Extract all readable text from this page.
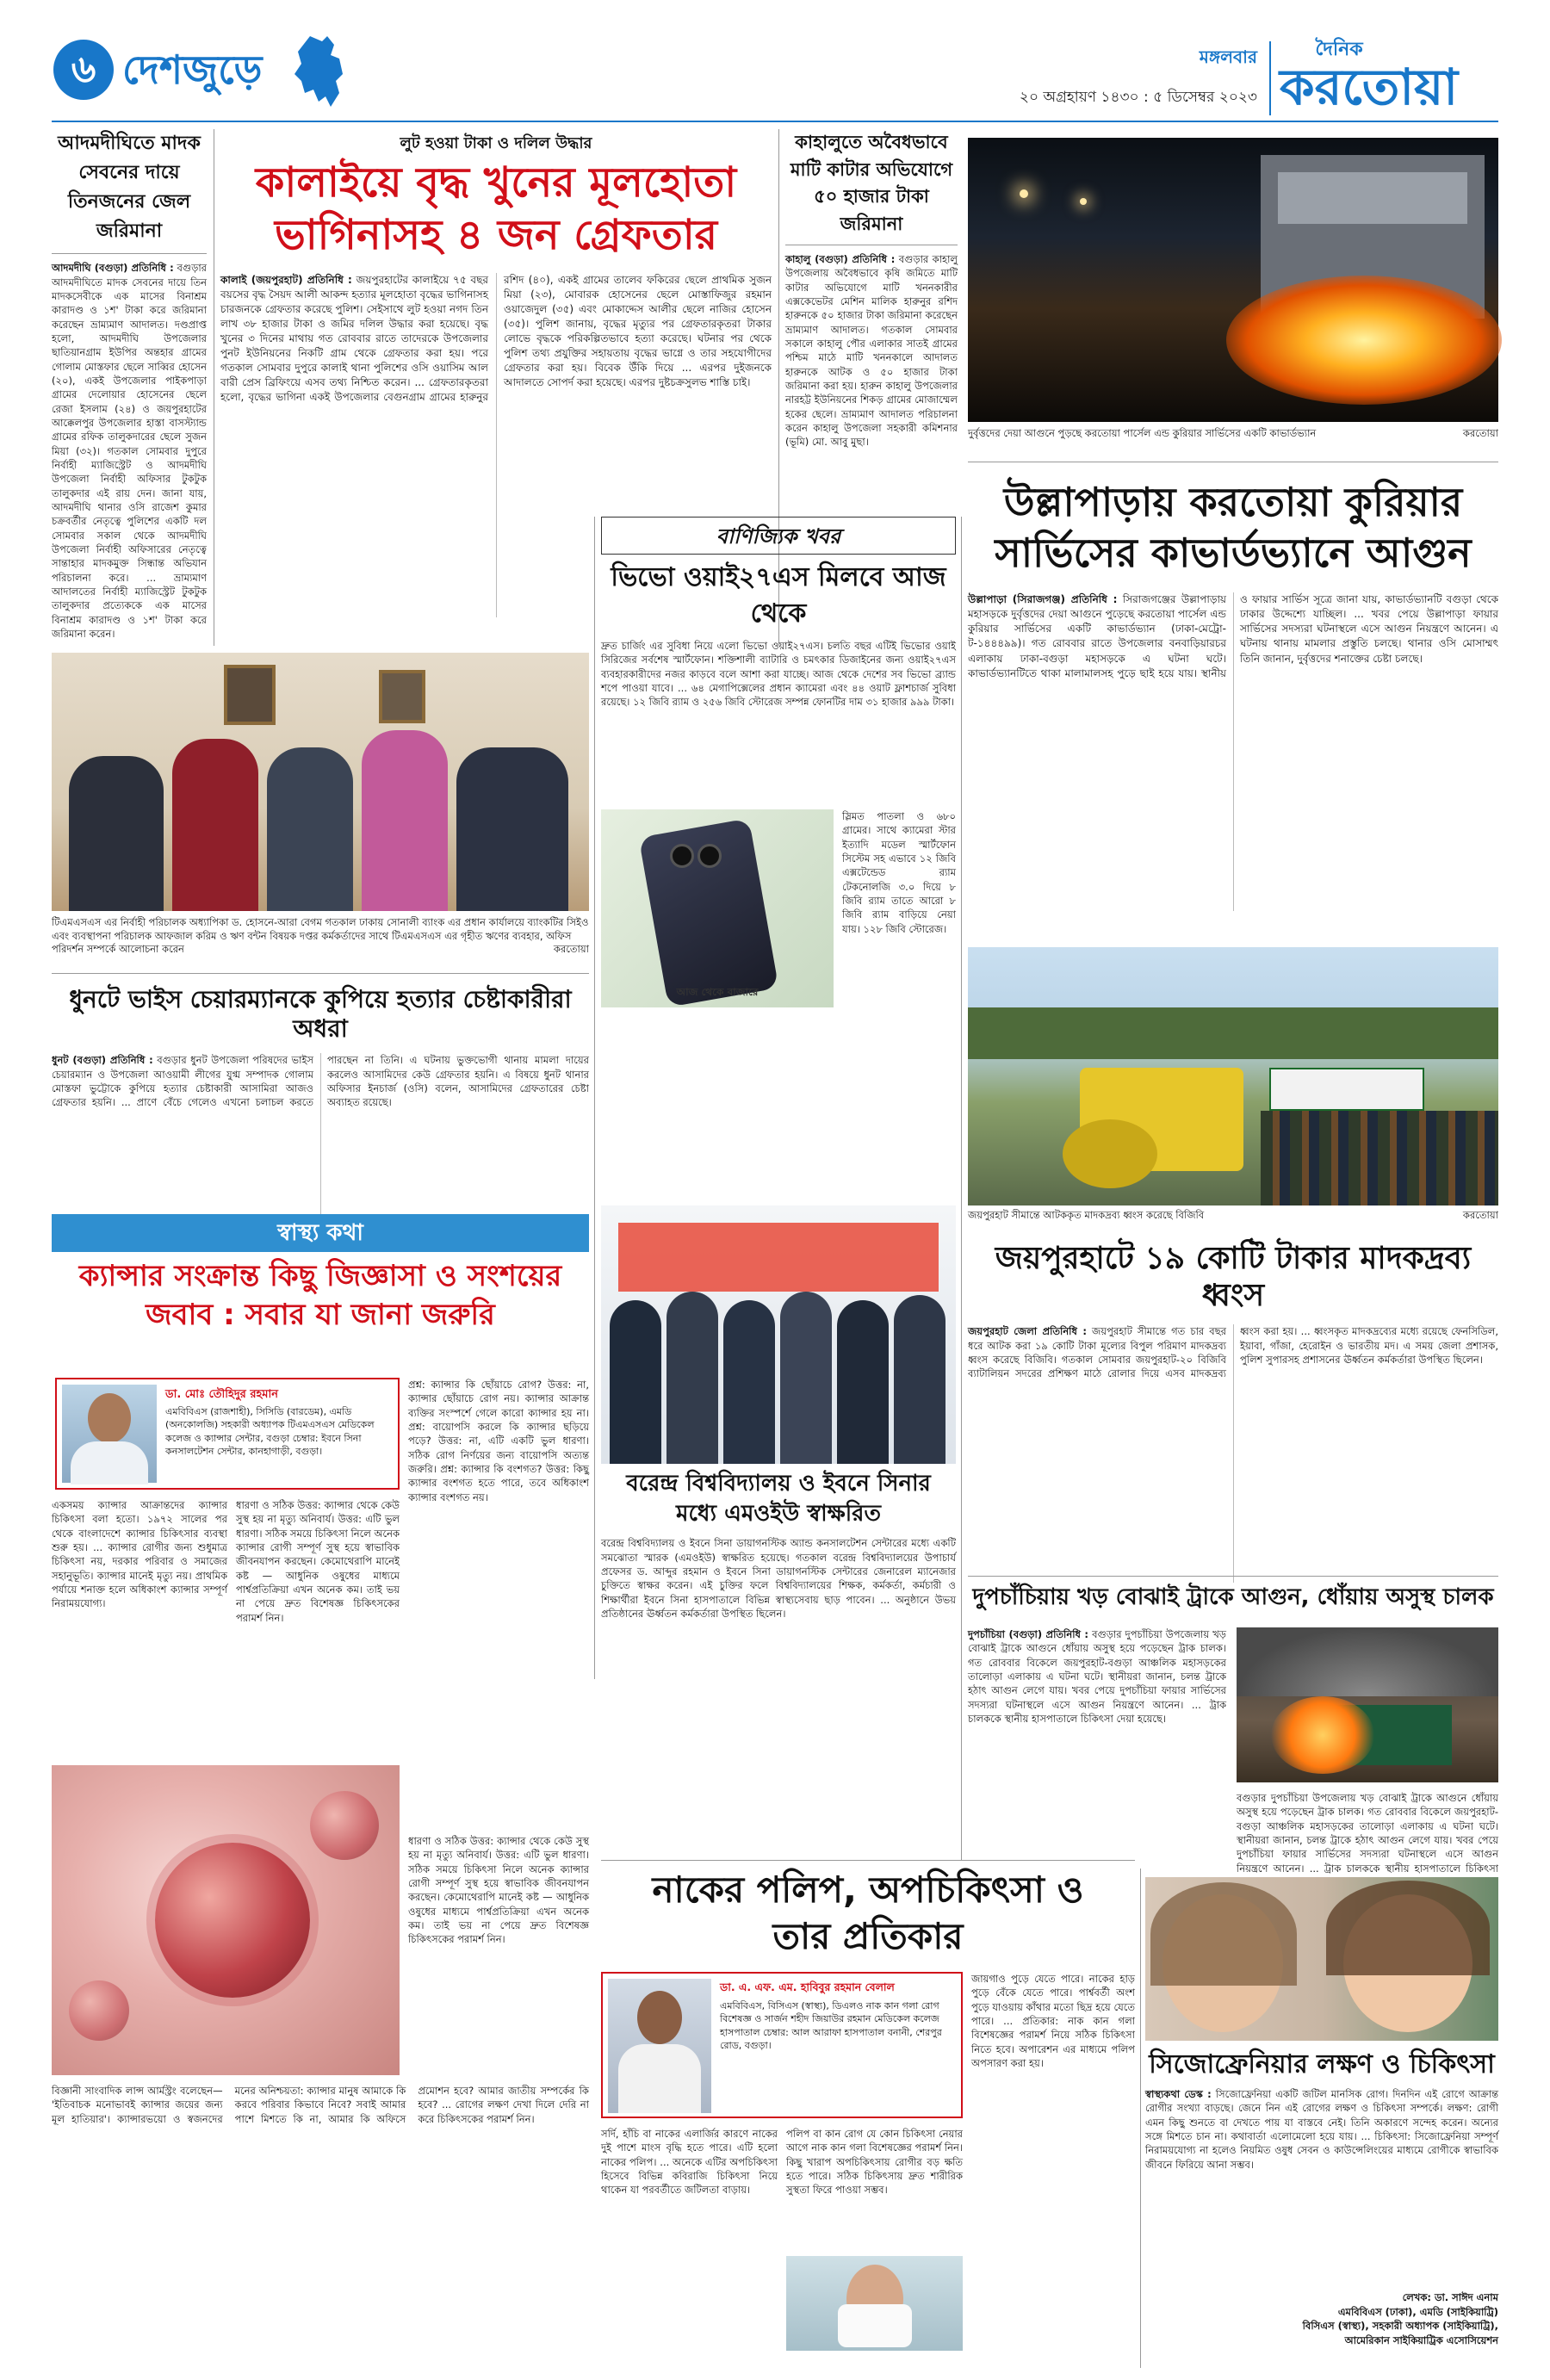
৬ দেশজুড়ে	মঙ্গলবার
২০ অগ্রহায়ণ ১৪৩০ : ৫ ডিসেম্বর ২০২৩
দৈনিক
করতোয়া
আদমদীঘিতে মাদক সেবনের দায়ে তিনজনের জেল জরিমানা
আদমদীঘি (বগুড়া) প্রতিনিধি : বগুড়ার আদমদীঘিতে মাদক সেবনের দায়ে তিন মাদকসেবীকে এক মাসের বিনাশ্রম কারাদণ্ড ও ১শ' টাকা করে জরিমানা করেছেন ভ্রাম্যমাণ আদালত। দণ্ডপ্রাপ্ত হলো, আদমদীঘি উপজেলার ছাতিয়ানগ্রাম ইউপির অন্তহার গ্রামের গোলাম মোস্তফার ছেলে সাব্বির হোসেন (২০), একই উপজেলার পাইকপাড়া গ্রামের দেলোয়ার হোসেনের ছেলে রেজা ইসলাম (২৪) ও জয়পুরহাটের আক্কেলপুর উপজেলার হাস্তা বাসস্ট্যান্ড গ্রামের রফিক তালুকদারের ছেলে সুজন মিয়া (৩২)। গতকাল সোমবার দুপুরে নির্বাহী ম্যাজিস্ট্রেট ও আদমদীঘি উপজেলা নির্বাহী অফিসার টুকটুক তালুকদার এই রায় দেন। জানা যায়, আদমদীঘি থানার ওসি রাজেশ কুমার চক্রবর্তীর নেতৃত্বে পুলিশের একটি দল সোমবার সকাল থেকে আদমদীঘি উপজেলা নির্বাহী অফিসারের নেতৃত্বে সান্তাহার মাদকমুক্ত সিন্ধান্ত অভিযান পরিচালনা করে। ... ভ্রাম্যমাণ আদালতের নির্বাহী ম্যাজিস্ট্রেট টুকটুক তালুকদার প্রত্যেককে এক মাসের বিনাশ্রম কারাদণ্ড ও ১শ' টাকা করে জরিমানা করেন।
লুট হওয়া টাকা ও দলিল উদ্ধার
কালাইয়ে বৃদ্ধ খুনের মূলহোতা
ভাগিনাসহ ৪ জন গ্রেফতার
কালাই (জয়পুরহাট) প্রতিনিধি : জয়পুরহাটের কালাইয়ে ৭৫ বছর বয়সের বৃদ্ধ সৈয়দ আলী আকন্দ হত্যার মূলহোতা বৃদ্ধের ভাগিনাসহ চারজনকে গ্রেফতার করেছে পুলিশ। সেইসাথে লুট হওয়া নগদ তিন লাখ ৩৮ হাজার টাকা ও জমির দলিল উদ্ধার করা হয়েছে। বৃদ্ধ খুনের ৩ দিনের মাথায় গত রোববার রাতে তাদেরকে উপজেলার পুনট ইউনিয়নের নিকটি গ্রাম থেকে গ্রেফতার করা হয়। পরে গতকাল সোমবার দুপুরে কালাই থানা পুলিশের ওসি ওয়াসিম আল বারী প্রেস ব্রিফিংয়ে এসব তথ্য নিশ্চিত করেন। ... গ্রেফতারকৃতরা হলো, বৃদ্ধের ভাগিনা একই উপজেলার বেগুনগ্রাম গ্রামের হারুনুর রশিদ (৪০), একই গ্রামের তালেব ফকিরের ছেলে প্রাথমিক সুজন মিয়া (২৩), মোবারক হোসেনের ছেলে মোস্তাফিজুর রহমান ওয়াজেদুল (৩৫) এবং মোকাদ্দেস আলীর ছেলে নাজির হোসেন (৩৫)। পুলিশ জানায়, বৃদ্ধের মৃত্যুর পর গ্রেফতারকৃতরা টাকার লোভে বৃদ্ধকে পরিকল্পিতভাবে হত্যা করেছে। ঘটনার পর থেকে পুলিশ তথ্য প্রযুক্তির সহায়তায় বৃদ্ধের ভাগ্নে ও তার সহযোগীদের গ্রেফতার করা হয়। বিবেক উঁকি দিয়ে ... এরপর দুইজনকে আদালতে সোপর্দ করা হয়েছে। এরপর দুষ্টচক্রসুলভ শাস্তি চাই।
কাহালুতে অবৈধভাবে মাটি কাটার অভিযোগে ৫০ হাজার টাকা জরিমানা
কাহালু (বগুড়া) প্রতিনিধি : বগুড়ার কাহালু উপজেলায় অবৈধভাবে কৃষি জমিতে মাটি কাটার অভিযোগে মাটি খননকারীর এক্সকেভেটর মেশিন মালিক হারুনুর রশিদ হারুনকে ৫০ হাজার টাকা জরিমানা করেছেন ভ্রাম্যমাণ আদালত। গতকাল সোমবার সকালে কাহালু পৌর এলাকার সাতই গ্রামের পশ্চিম মাঠে মাটি খননকালে আদালত হারুনকে আটক ও ৫০ হাজার টাকা জরিমানা করা হয়। হারুন কাহালু উপজেলার নারহট্ট ইউনিয়নের শিকড় গ্রামের মোজাম্মেল হকের ছেলে। ভ্রাম্যমাণ আদালত পরিচালনা করেন কাহালু উপজেলা সহকারী কমিশনার (ভূমি) মো. আবু মুছা।
দুর্বৃত্তদের দেয়া আগুনে পুড়ছে করতোয়া পার্সেল এন্ড কুরিয়ার সার্ভিসের একটি কাভার্ডভ্যান	করতোয়া
উল্লাপাড়ায় করতোয়া কুরিয়ার
সার্ভিসের কাভার্ডভ্যানে আগুন
উল্লাপাড়া (সিরাজগঞ্জ) প্রতিনিধি : সিরাজগঞ্জের উল্লাপাড়ায় মহাসড়কে দুর্বৃত্তদের দেয়া আগুনে পুড়েছে করতোয়া পার্সেল এন্ড কুরিয়ার সার্ভিসের একটি কাভার্ডভ্যান (ঢাকা-মেট্রো-ট-১৪৪৪৯৯)। গত রোববার রাতে উপজেলার বনবাড়িয়ারচর এলাকায় ঢাকা-বগুড়া মহাসড়কে এ ঘটনা ঘটে। কাভার্ডভ্যানটিতে থাকা মালামালসহ পুড়ে ছাই হয়ে যায়। স্থানীয় ও ফায়ার সার্ভিস সূত্রে জানা যায়, কাভার্ডভ্যানটি বগুড়া থেকে ঢাকার উদ্দেশ্যে যাচ্ছিল। ... খবর পেয়ে উল্লাপাড়া ফায়ার সার্ভিসের সদস্যরা ঘটনাস্থলে এসে আগুন নিয়ন্ত্রণে আনেন। এ ঘটনায় থানায় মামলার প্রস্তুতি চলছে। থানার ওসি মোসাম্মৎ তিনি জানান, দুর্বৃত্তদের শনাক্তের চেষ্টা চলছে।
টিএমএসএস এর নির্বাহী পরিচালক অধ্যাপিকা ড. হোসনে-আরা বেগম গতকাল ঢাকায় সোনালী ব্যাংক এর প্রধান কার্যালয়ে ব্যাংকটির সিইও এবং ব্যবস্থাপনা পরিচালক আফজাল করিম ও ঋণ বন্টন বিষয়ক দপ্তর কর্মকর্তাদের সাথে টিএমএসএস এর গৃহীত ঋণের ব্যবহার, অফিস পরিদর্শন সম্পর্কে আলোচনা করেন	করতোয়া
বাণিজ্যিক খবর
ভিভো ওয়াই২৭এস মিলবে আজ থেকে
দ্রুত চার্জিং এর সুবিধা নিয়ে এলো ভিভো ওয়াই২৭এস। চলতি বছর এটিই ভিভোর ওয়াই সিরিজের সর্বশেষ স্মার্টফোন। শক্তিশালী ব্যাটারি ও চমৎকার ডিজাইনের জন্য ওয়াই২৭এস ব্যবহারকারীদের নজর কাড়বে বলে আশা করা যাচ্ছে। আজ থেকে দেশের সব ভিভো ব্র্যান্ড শপে পাওয়া যাবে। ... ৬৪ মেগাপিক্সেলের প্রধান ক্যামেরা এবং ৪৪ ওয়াট ফ্লাশচার্জ সুবিধা রয়েছে। ১২ জিবি র‍্যাম ও ২৫৬ জিবি স্টোরেজ সম্পন্ন ফোনটির দাম ৩১ হাজার ৯৯৯ টাকা।
আজ থেকে বাজারে
স্লিমত পাতলা ও ৬৮০ গ্রামের। সাথে ক্যামেরা স্টার ইত্যাদি মডেল স্মার্টফোন সিস্টেম সহ এভাবে ১২ জিবি এক্সটেন্ডেড র‍্যাম টেকনোলজি ৩.০ দিয়ে ৮ জিবি র‍্যাম তাতে আরো ৮ জিবি র‍্যাম বাড়িয়ে নেয়া যায়। ১২৮ জিবি স্টোরেজ।
ধুনটে ভাইস চেয়ারম্যানকে কুপিয়ে হত্যার চেষ্টাকারীরা অধরা
ধুনট (বগুড়া) প্রতিনিধি : বগুড়ার ধুনট উপজেলা পরিষদের ভাইস চেয়ারম্যান ও উপজেলা আওয়ামী লীগের যুগ্ম সম্পাদক গোলাম মোস্তফা ভুট্টোকে কুপিয়ে হত্যার চেষ্টাকারী আসামিরা আজও গ্রেফতার হয়নি। ... প্রাণে বেঁচে গেলেও এখনো চলাচল করতে পারছেন না তিনি। এ ঘটনায় ভুক্তভোগী থানায় মামলা দায়ের করলেও আসামিদের কেউ গ্রেফতার হয়নি। এ বিষয়ে ধুনট থানার অফিসার ইনচার্জ (ওসি) বলেন, আসামিদের গ্রেফতারের চেষ্টা অব্যাহত রয়েছে।
স্বাস্থ্য কথা
ক্যান্সার সংক্রান্ত কিছু জিজ্ঞাসা ও সংশয়ের
জবাব : সবার যা জানা জরুরি
ডা. মোঃ তৌহিদুর রহমান
এমবিবিএস (রাজশাহী), সিসিডি (বারডেম), এমডি (অনকোলজি) সহকারী অধ্যাপক টিএমএসএস মেডিকেল কলেজ ও ক্যান্সার সেন্টার, বগুড়া চেম্বার: ইবনে সিনা কনসালটেশন সেন্টার, কানহাগাড়ী, বগুড়া।
প্রশ্ন: ক্যান্সার কি ছোঁয়াচে রোগ? উত্তর: না, ক্যান্সার ছোঁয়াচে রোগ নয়। ক্যান্সার আক্রান্ত ব্যক্তির সংস্পর্শে গেলে কারো ক্যান্সার হয় না। প্রশ্ন: বায়োপসি করলে কি ক্যান্সার ছড়িয়ে পড়ে? উত্তর: না, এটি একটি ভুল ধারণা। সঠিক রোগ নির্ণয়ের জন্য বায়োপসি অত্যন্ত জরুরি। প্রশ্ন: ক্যান্সার কি বংশগত? উত্তর: কিছু ক্যান্সার বংশগত হতে পারে, তবে অধিকাংশ ক্যান্সার বংশগত নয়।
একসময় ক্যান্সার আক্রান্তদের ক্যান্সার চিকিৎসা বলা হতো। ১৯৭২ সালের পর থেকে বাংলাদেশে ক্যান্সার চিকিৎসার ব্যবস্থা শুরু হয়। ... ক্যান্সার রোগীর জন্য শুধুমাত্র চিকিৎসা নয়, দরকার পরিবার ও সমাজের সহানুভূতি। ক্যান্সার মানেই মৃত্যু নয়। প্রাথমিক পর্যায়ে শনাক্ত হলে অধিকাংশ ক্যান্সার সম্পূর্ণ নিরাময়যোগ্য।
ধারণা ও সঠিক উত্তর: ক্যান্সার থেকে কেউ সুস্থ হয় না মৃত্যু অনিবার্য। উত্তর: এটি ভুল ধারণা। সঠিক সময়ে চিকিৎসা নিলে অনেক ক্যান্সার রোগী সম্পূর্ণ সুস্থ হয়ে স্বাভাবিক জীবনযাপন করছেন। কেমোথেরাপি মানেই কষ্ট — আধুনিক ওষুধের মাধ্যমে পার্শ্বপ্রতিক্রিয়া এখন অনেক কম। তাই ভয় না পেয়ে দ্রুত বিশেষজ্ঞ চিকিৎসকের পরামর্শ নিন।
ধারণা ও সঠিক উত্তর: ক্যান্সার থেকে কেউ সুস্থ হয় না মৃত্যু অনিবার্য। উত্তর: এটি ভুল ধারণা। সঠিক সময়ে চিকিৎসা নিলে অনেক ক্যান্সার রোগী সম্পূর্ণ সুস্থ হয়ে স্বাভাবিক জীবনযাপন করছেন। কেমোথেরাপি মানেই কষ্ট — আধুনিক ওষুধের মাধ্যমে পার্শ্বপ্রতিক্রিয়া এখন অনেক কম। তাই ভয় না পেয়ে দ্রুত বিশেষজ্ঞ চিকিৎসকের পরামর্শ নিন।
বিজ্ঞানী সাংবাদিক লান্স আর্মস্ট্রং বলেছেন— 'ইতিবাচক মনোভাবই ক্যান্সার জয়ের জন্য মূল হাতিয়ার'। ক্যান্সারভয়ো ও স্বজনদের মনের অনিশ্চয়তা: ক্যান্সার মানুষ আমাকে কি করবে পরিবার কিভাবে নিবে? সবাই আমার পাশে মিশতে কি না, আমার কি অফিসে প্রমোশন হবে? আমার জাতীয় সম্পর্কের কি হবে? ... রোগের লক্ষণ দেখা দিলে দেরি না করে চিকিৎসকের পরামর্শ নিন।
বরেন্দ্র বিশ্ববিদ্যালয় ও ইবনে সিনার
মধ্যে এমওইউ স্বাক্ষরিত
বরেন্দ্র বিশ্ববিদ্যালয় ও ইবনে সিনা ডায়াগনস্টিক অ্যান্ড কনসালটেশন সেন্টারের মধ্যে একটি সমঝোতা স্মারক (এমওইউ) স্বাক্ষরিত হয়েছে। গতকাল বরেন্দ্র বিশ্ববিদ্যালয়ের উপাচার্য প্রফেসর ড. আব্দুর রহমান ও ইবনে সিনা ডায়াগনস্টিক সেন্টারের জেনারেল ম্যানেজার চুক্তিতে স্বাক্ষর করেন। এই চুক্তির ফলে বিশ্ববিদ্যালয়ের শিক্ষক, কর্মকর্তা, কর্মচারী ও শিক্ষার্থীরা ইবনে সিনা হাসপাতালে বিভিন্ন স্বাস্থ্যসেবায় ছাড় পাবেন। ... অনুষ্ঠানে উভয় প্রতিষ্ঠানের ঊর্ধ্বতন কর্মকর্তারা উপস্থিত ছিলেন।
নাকের পলিপ, অপচিকিৎসা ও
তার প্রতিকার
ডা. এ. এফ. এম. হাবিবুর রহমান বেলাল
এমবিবিএস, বিসিএস (স্বাস্থ্য), ডিএলও নাক কান গলা রোগ বিশেষজ্ঞ ও সার্জন শহীদ জিয়াউর রহমান মেডিকেল কলেজ হাসপাতাল চেম্বার: আল আরাফা হাসপাতাল বনানী, শেরপুর রোড, বগুড়া।
জায়গাও পুড়ে যেতে পারে। নাকের হাড় পুড়ে বেঁকে যেতে পারে। পার্শ্ববর্তী অংশ পুড়ে যাওয়ায় কাঁথার মতো ছিদ্র হয়ে যেতে পারে। ... প্রতিকার: নাক কান গলা বিশেষজ্ঞের পরামর্শ নিয়ে সঠিক চিকিৎসা নিতে হবে। অপারেশন এর মাধ্যমে পলিপ অপসারণ করা হয়।
সর্দি, হাঁচি বা নাকের এলার্জির কারণে নাকের দুই পাশে মাংস বৃদ্ধি হতে পারে। এটি হলো নাকের পলিপ। ... অনেকে এটির অপচিকিৎসা হিসেবে বিভিন্ন কবিরাজি চিকিৎসা নিয়ে থাকেন যা পরবর্তীতে জটিলতা বাড়ায়।
পলিপ বা কান রোগ যে কোন চিকিৎসা নেয়ার আগে নাক কান গলা বিশেষজ্ঞের পরামর্শ নিন। কিছু খারাপ অপচিকিৎসায় রোগীর বড় ক্ষতি হতে পারে। সঠিক চিকিৎসায় দ্রুত শারীরিক সুস্থতা ফিরে পাওয়া সম্ভব।
জয়পুরহাট সীমান্তে আটককৃত মাদকদ্রব্য ধ্বংস করেছে বিজিবি	করতোয়া
জয়পুরহাটে ১৯ কোটি টাকার মাদকদ্রব্য ধ্বংস
জয়পুরহাট জেলা প্রতিনিধি : জয়পুরহাট সীমান্তে গত চার বছর ধরে আটক করা ১৯ কোটি টাকা মূল্যের বিপুল পরিমাণ মাদকদ্রব্য ধ্বংস করেছে বিজিবি। গতকাল সোমবার জয়পুরহাট-২০ বিজিবি ব্যাটালিয়ন সদরের প্রশিক্ষণ মাঠে রোলার দিয়ে এসব মাদকদ্রব্য ধ্বংস করা হয়। ... ধ্বংসকৃত মাদকদ্রব্যের মধ্যে রয়েছে ফেনসিডিল, ইয়াবা, গাঁজা, হেরোইন ও ভারতীয় মদ। এ সময় জেলা প্রশাসক, পুলিশ সুপারসহ প্রশাসনের ঊর্ধ্বতন কর্মকর্তারা উপস্থিত ছিলেন।
দুপচাঁচিয়ায় খড় বোঝাই ট্রাকে আগুন, ধোঁয়ায় অসুস্থ চালক
দুপচাঁচিয়া (বগুড়া) প্রতিনিধি : বগুড়ার দুপচাঁচিয়া উপজেলায় খড় বোঝাই ট্রাকে আগুনে ধোঁয়ায় অসুস্থ হয়ে পড়েছেন ট্রাক চালক। গত রোববার বিকেলে জয়পুরহাট-বগুড়া আঞ্চলিক মহাসড়কের তালোড়া এলাকায় এ ঘটনা ঘটে। স্থানীয়রা জানান, চলন্ত ট্রাকে হঠাৎ আগুন লেগে যায়। খবর পেয়ে দুপচাঁচিয়া ফায়ার সার্ভিসের সদস্যরা ঘটনাস্থলে এসে আগুন নিয়ন্ত্রণে আনেন। ... ট্রাক চালককে স্থানীয় হাসপাতালে চিকিৎসা দেয়া হয়েছে।
বগুড়ার দুপচাঁচিয়া উপজেলায় খড় বোঝাই ট্রাকে আগুনে ধোঁয়ায় অসুস্থ হয়ে পড়েছেন ট্রাক চালক। গত রোববার বিকেলে জয়পুরহাট-বগুড়া আঞ্চলিক মহাসড়কের তালোড়া এলাকায় এ ঘটনা ঘটে। স্থানীয়রা জানান, চলন্ত ট্রাকে হঠাৎ আগুন লেগে যায়। খবর পেয়ে দুপচাঁচিয়া ফায়ার সার্ভিসের সদস্যরা ঘটনাস্থলে এসে আগুন নিয়ন্ত্রণে আনেন। ... ট্রাক চালককে স্থানীয় হাসপাতালে চিকিৎসা
সিজোফ্রেনিয়ার লক্ষণ ও চিকিৎসা
স্বাস্থ্যকথা ডেস্ক : সিজোফ্রেনিয়া একটি জটিল মানসিক রোগ। দিনদিন এই রোগে আক্রান্ত রোগীর সংখ্যা বাড়ছে। জেনে নিন এই রোগের লক্ষণ ও চিকিৎসা সম্পর্কে। লক্ষণ: রোগী এমন কিছু শুনতে বা দেখতে পায় যা বাস্তবে নেই। তিনি অকারণে সন্দেহ করেন। অন্যের সঙ্গে মিশতে চান না। কথাবার্তা এলোমেলো হয়ে যায়। ... চিকিৎসা: সিজোফ্রেনিয়া সম্পূর্ণ নিরাময়যোগ্য না হলেও নিয়মিত ওষুধ সেবন ও কাউন্সেলিংয়ের মাধ্যমে রোগীকে স্বাভাবিক জীবনে ফিরিয়ে আনা সম্ভব।
লেখক: ডা. সাঈদ এনাম
এমবিবিএস (ঢাকা), এমডি (সাইকিয়াট্রি)
বিসিএস (স্বাস্থ্য), সহকারী অধ্যাপক (সাইকিয়াট্রি),
আমেরিকান সাইকিয়াট্রিক এসোসিয়েশন
